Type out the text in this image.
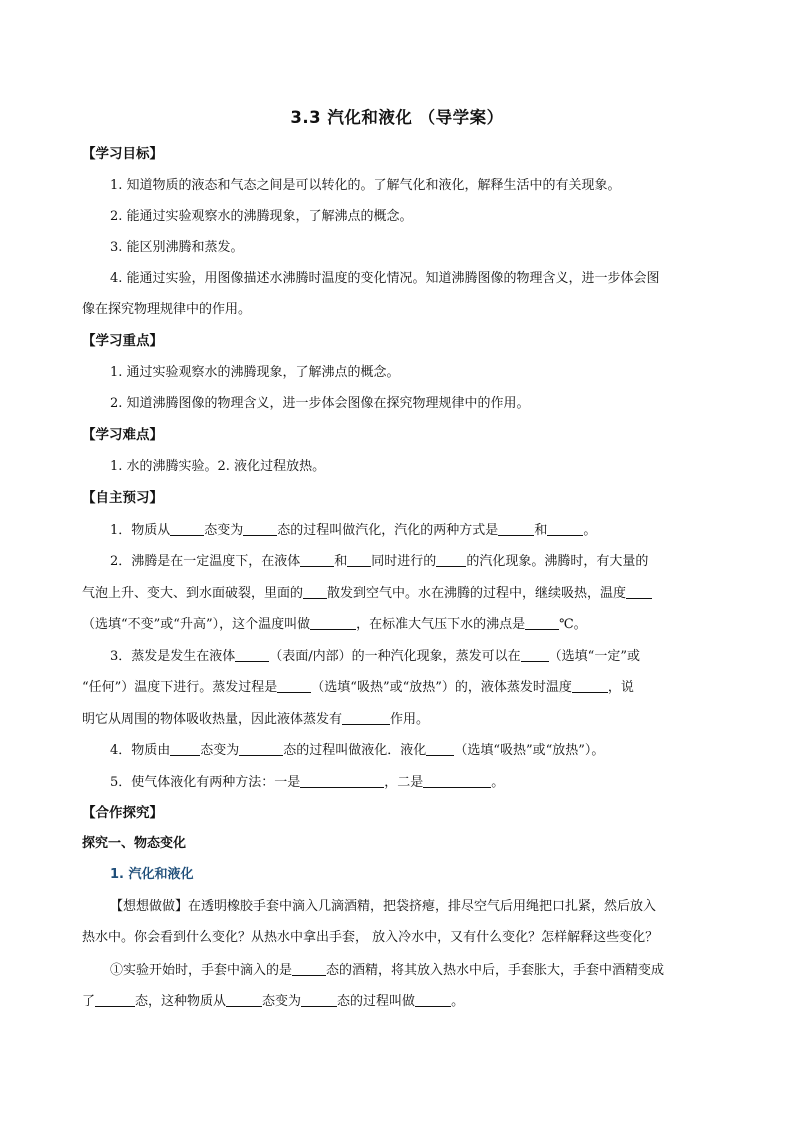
3.3 汽化和液化 （导学案）
【学习目标】
1. 知道物质的液态和气态之间是可以转化的。了解气化和液化，解释生活中的有关现象。
2. 能通过实验观察水的沸腾现象，了解沸点的概念。
3. 能区别沸腾和蒸发。
4. 能通过实验，用图像描述水沸腾时温度的变化情况。知道沸腾图像的物理含义，进一步体会图
像在探究物理规律中的作用。
【学习重点】
1. 通过实验观察水的沸腾现象，了解沸点的概念。
2. 知道沸腾图像的物理含义，进一步体会图像在探究物理规律中的作用。
【学习难点】
1. 水的沸腾实验。2. 液化过程放热。
【自主预习】
1．物质从	态变为	态的过程叫做汽化，汽化的两种方式是	和	。
2．沸腾是在一定温度下，在液体	和 同时进行的 的汽化现象。沸腾时，有大量的
气泡上升、变大、到水面破裂，里面的 散发到空气中。水在沸腾的过程中，继续吸热，温度
（选填“不变”或“升高”），这个温度叫做	，在标准大气压下水的沸点是	℃。
3．蒸发是发生在液体	（表面/内部）的一种汽化现象，蒸发可以在 （选填“一定”或
“任何”）温度下进行。蒸发过程是	（选填“吸热”或“放热”）的，液体蒸发时温度	，说
明它从周围的物体吸收热量，因此液体蒸发有	作用。
4．物质由 态变为	态的过程叫做液化．液化 （选填“吸热”或“放热”）。
5．使气体液化有两种方法：一是	，二是	。
【合作探究】
探究一、物态变化
1. 汽化和液化
【想想做做】在透明橡胶手套中滴入几滴酒精，把袋挤瘪，排尽空气后用绳把口扎紧，然后放入
热水中。你会看到什么变化？从热水中拿出手套， 放入冷水中，又有什么变化？怎样解释这些变化？
①实验开始时，手套中滴入的是	态的酒精，将其放入热水中后，手套胀大，手套中酒精变成
了	态，这种物质从	态变为	态的过程叫做	。
